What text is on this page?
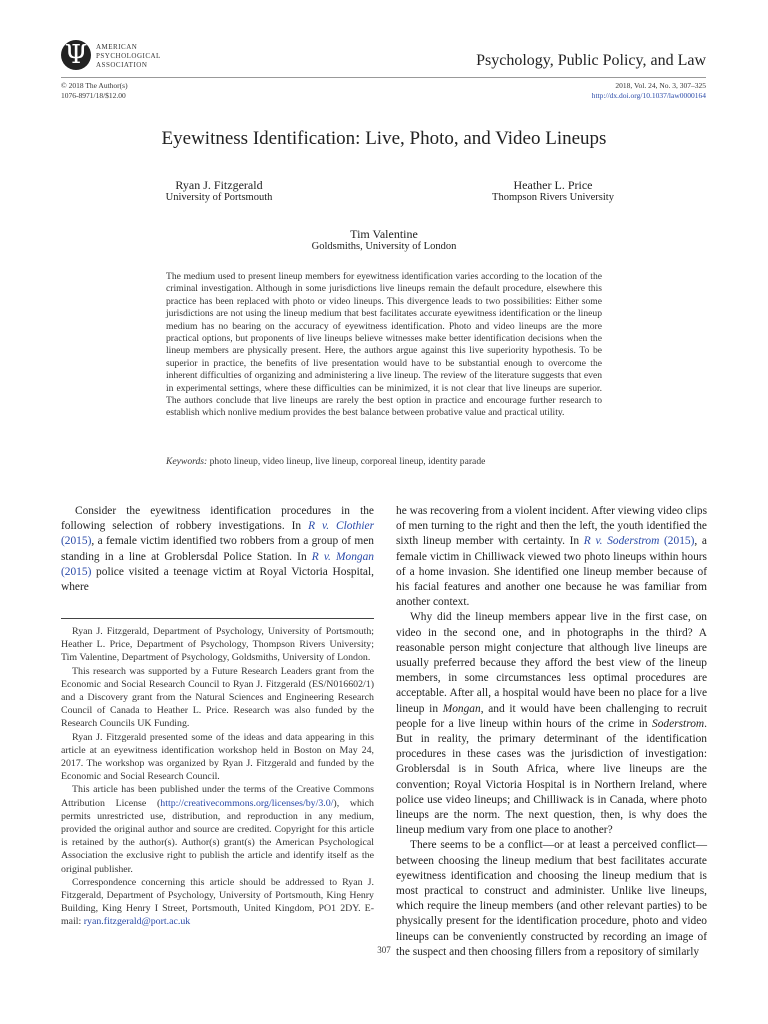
Ψ	AMERICAN
PSYCHOLOGICAL
ASSOCIATION	Psychology, Public Policy, and Law
© 2018 The Author(s)
1076-8971/18/$12.00
2018, Vol. 24, No. 3, 307–325
http://dx.doi.org/10.1037/law0000164
Eyewitness Identification: Live, Photo, and Video Lineups
Ryan J. Fitzgerald
University of Portsmouth
Heather L. Price
Thompson Rivers University
Tim Valentine
Goldsmiths, University of London
The medium used to present lineup members for eyewitness identification varies according to the location of the criminal investigation. Although in some jurisdictions live lineups remain the default procedure, elsewhere this practice has been replaced with photo or video lineups. This divergence leads to two possibilities: Either some jurisdictions are not using the lineup medium that best facilitates accurate eyewitness identification or the lineup medium has no bearing on the accuracy of eyewitness identification. Photo and video lineups are the more practical options, but proponents of live lineups believe witnesses make better identification decisions when the lineup members are physically present. Here, the authors argue against this live superiority hypothesis. To be superior in practice, the benefits of live presentation would have to be substantial enough to overcome the inherent difficulties of organizing and administering a live lineup. The review of the literature suggests that even in experimental settings, where these difficulties can be minimized, it is not clear that live lineups are superior. The authors conclude that live lineups are rarely the best option in practice and encourage further research to establish which nonlive medium provides the best balance between probative value and practical utility.
Keywords: photo lineup, video lineup, live lineup, corporeal lineup, identity parade

Consider the eyewitness identification procedures in the following selection of robbery investigations. In R v. Clothier (2015), a female victim identified two robbers from a group of men standing in a line at Groblersdal Police Station. In R v. Mongan (2015) police visited a teenage victim at Royal Victoria Hospital, where

Ryan J. Fitzgerald, Department of Psychology, University of Portsmouth; Heather L. Price, Department of Psychology, Thompson Rivers University; Tim Valentine, Department of Psychology, Goldsmiths, University of London.

This research was supported by a Future Research Leaders grant from the Economic and Social Research Council to Ryan J. Fitzgerald (ES/N016602/1) and a Discovery grant from the Natural Sciences and Engineering Research Council of Canada to Heather L. Price. Research was also funded by the Research Councils UK Funding.

Ryan J. Fitzgerald presented some of the ideas and data appearing in this article at an eyewitness identification workshop held in Boston on May 24, 2017. The workshop was organized by Ryan J. Fitzgerald and funded by the Economic and Social Research Council.

This article has been published under the terms of the Creative Commons Attribution License (http://creativecommons.org/licenses/by/3.0/), which permits unrestricted use, distribution, and reproduction in any medium, provided the original author and source are credited. Copyright for this article is retained by the author(s). Author(s) grant(s) the American Psychological Association the exclusive right to publish the article and identify itself as the original publisher.

Correspondence concerning this article should be addressed to Ryan J. Fitzgerald, Department of Psychology, University of Portsmouth, King Henry Building, King Henry I Street, Portsmouth, United Kingdom, PO1 2DY. E-mail: ryan.fitzgerald@port.ac.uk

he was recovering from a violent incident. After viewing video clips of men turning to the right and then the left, the youth identified the sixth lineup member with certainty. In R v. Soderstrom (2015), a female victim in Chilliwack viewed two photo lineups within hours of a home invasion. She identified one lineup member because of his facial features and another one because he was familiar from another context.

Why did the lineup members appear live in the first case, on video in the second one, and in photographs in the third? A reasonable person might conjecture that although live lineups are usually preferred because they afford the best view of the lineup members, in some circumstances less optimal procedures are acceptable. After all, a hospital would have been no place for a live lineup in Mongan, and it would have been challenging to recruit people for a live lineup within hours of the crime in Soderstrom. But in reality, the primary determinant of the identification procedures in these cases was the jurisdiction of investigation: Groblersdal is in South Africa, where live lineups are the convention; Royal Victoria Hospital is in Northern Ireland, where police use video lineups; and Chilliwack is in Canada, where photo lineups are the norm. The next question, then, is why does the lineup medium vary from one place to another?

There seems to be a conflict—or at least a perceived conflict—between choosing the lineup medium that best facilitates accurate eyewitness identification and choosing the lineup medium that is most practical to construct and administer. Unlike live lineups, which require the lineup members (and other relevant parties) to be physically present for the identification procedure, photo and video lineups can be conveniently constructed by recording an image of the suspect and then choosing fillers from a repository of similarly

307
